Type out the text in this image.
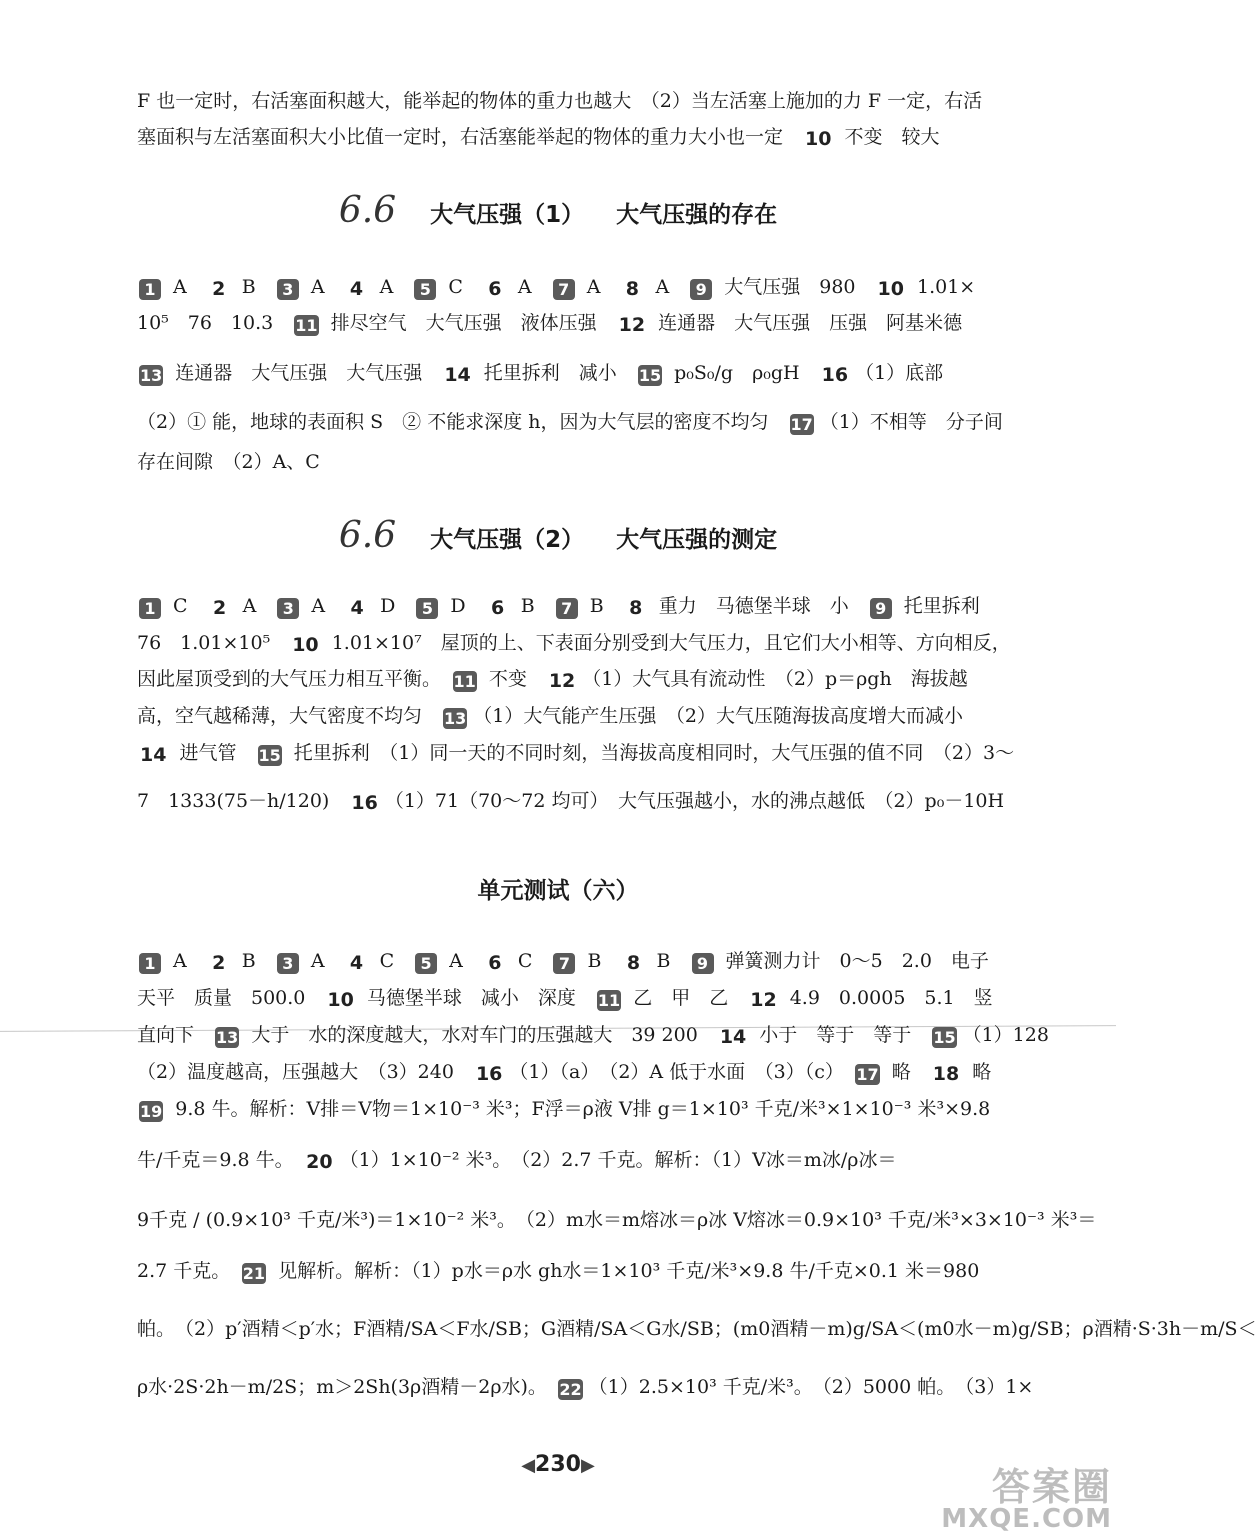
F 也一定时，右活塞面积越大，能举起的物体的重力也越大　（2）当左活塞上施加的力 F 一定，右活
塞面积与左活塞面积大小比值一定时，右活塞能举起的物体的重力大小也一定　10 不变　较大
6.6 大气压强（1） 大气压强的存在
1 A　2 B　3 A　4 A　5 C　6 A　7 A　8 A　9 大气压强　980　10 1.01×
10⁵　76　10.3　11 排尽空气　大气压强　液体压强　12 连通器　大气压强　压强　阿基米德
13 连通器　大气压强　大气压强　14 托里拆利　减小　15 p₀S₀/g　ρ₀gH　16 （1）底部
（2）① 能，地球的表面积 S　② 不能求深度 h，因为大气层的密度不均匀　17 （1）不相等　分子间
存在间隙　（2）A、C
6.6 大气压强（2） 大气压强的测定
1 C　2 A　3 A　4 D　5 D　6 B　7 B　8 重力　马德堡半球　小　9 托里拆利
76　1.01×10⁵　10 1.01×10⁷　屋顶的上、下表面分别受到大气压力，且它们大小相等、方向相反，
因此屋顶受到的大气压力相互平衡。　11 不变　12 （1）大气具有流动性　（2）p＝ρgh　海拔越
高，空气越稀薄，大气密度不均匀　13 （1）大气能产生压强　（2）大气压随海拔高度增大而减小
14 进气管　15 托里拆利　（1）同一天的不同时刻，当海拔高度相同时，大气压强的值不同　（2）3～
7　1333(75－h/120)　16 （1）71（70～72 均可）　大气压强越小，水的沸点越低　（2）p₀－10H
单元测试（六）
1 A　2 B　3 A　4 C　5 A　6 C　7 B　8 B　9 弹簧测力计　0～5　2.0　电子
天平　质量　500.0　10 马德堡半球　减小　深度　11 乙　甲　乙　12 4.9　0.0005　5.1　竖
直向下　13 大于　水的深度越大，水对车门的压强越大　39 200　14 小于　等于　等于　15 （1）128
（2）温度越高，压强越大　（3）240　16 （1）（a）　（2）A 低于水面　（3）（c）　17 略　18 略
19 9.8 牛。解析：V排＝V物＝1×10⁻³ 米³；F浮＝ρ液 V排 g＝1×10³ 千克/米³×1×10⁻³ 米³×9.8
牛/千克＝9.8 牛。　20 （1）1×10⁻² 米³。　（2）2.7 千克。解析：（1）V冰＝m冰/ρ冰＝
9千克 / (0.9×10³ 千克/米³)＝1×10⁻² 米³。　（2）m水＝m熔冰＝ρ冰 V熔冰＝0.9×10³ 千克/米³×3×10⁻³ 米³＝
2.7 千克。　21 见解析。解析：（1）p水＝ρ水 gh水＝1×10³ 千克/米³×9.8 牛/千克×0.1 米＝980
帕。　（2）p′酒精＜p′水；F酒精/SA＜F水/SB；G酒精/SA＜G水/SB；(m0酒精－m)g/SA＜(m0水－m)g/SB；ρ酒精·S·3h－m/S＜
ρ水·2S·2h－m/2S；m＞2Sh(3ρ酒精－2ρ水)。　22 （1）2.5×10³ 千克/米³。　（2）5000 帕。　（3）1×
◀230▶	答案圈
MXQE.COM
